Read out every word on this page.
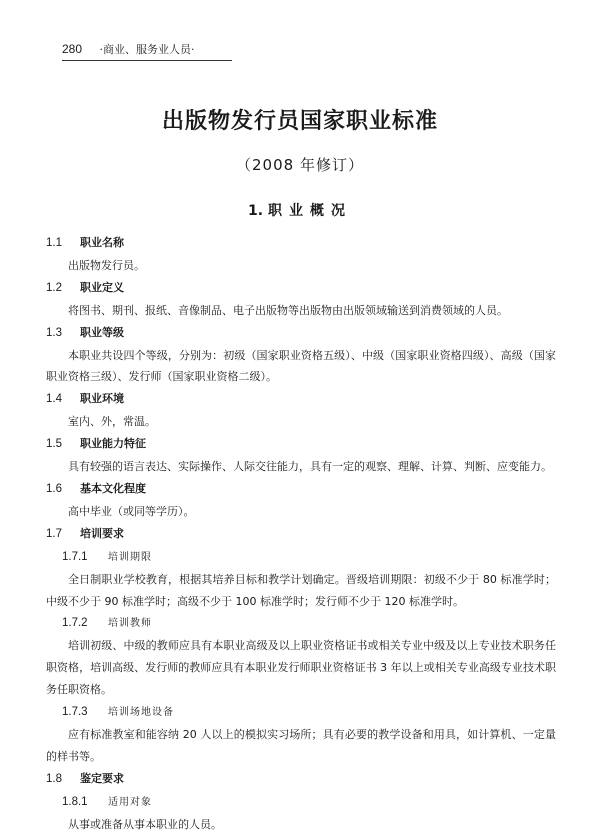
280 ·商业、服务业人员·
出版物发行员国家职业标准
（2008 年修订）
1. 职业概况
1.1 职业名称
出版物发行员。
1.2 职业定义
将图书、期刊、报纸、音像制品、电子出版物等出版物由出版领域输送到消费领域的人员。
1.3 职业等级
本职业共设四个等级，分别为：初级（国家职业资格五级）、中级（国家职业资格四级）、高级（国家职业资格三级）、发行师（国家职业资格二级）。
1.4 职业环境
室内、外，常温。
1.5 职业能力特征
具有较强的语言表达、实际操作、人际交往能力，具有一定的观察、理解、计算、判断、应变能力。
1.6 基本文化程度
高中毕业（或同等学历）。
1.7 培训要求
1.7.1 培训期限
全日制职业学校教育，根据其培养目标和教学计划确定。晋级培训期限：初级不少于 80 标准学时；中级不少于 90 标准学时；高级不少于 100 标准学时；发行师不少于 120 标准学时。
1.7.2 培训教师
培训初级、中级的教师应具有本职业高级及以上职业资格证书或相关专业中级及以上专业技术职务任职资格，培训高级、发行师的教师应具有本职业发行师职业资格证书 3 年以上或相关专业高级专业技术职务任职资格。
1.7.3 培训场地设备
应有标准教室和能容纳 20 人以上的模拟实习场所；具有必要的教学设备和用具，如计算机、一定量的样书等。
1.8 鉴定要求
1.8.1 适用对象
从事或准备从事本职业的人员。
